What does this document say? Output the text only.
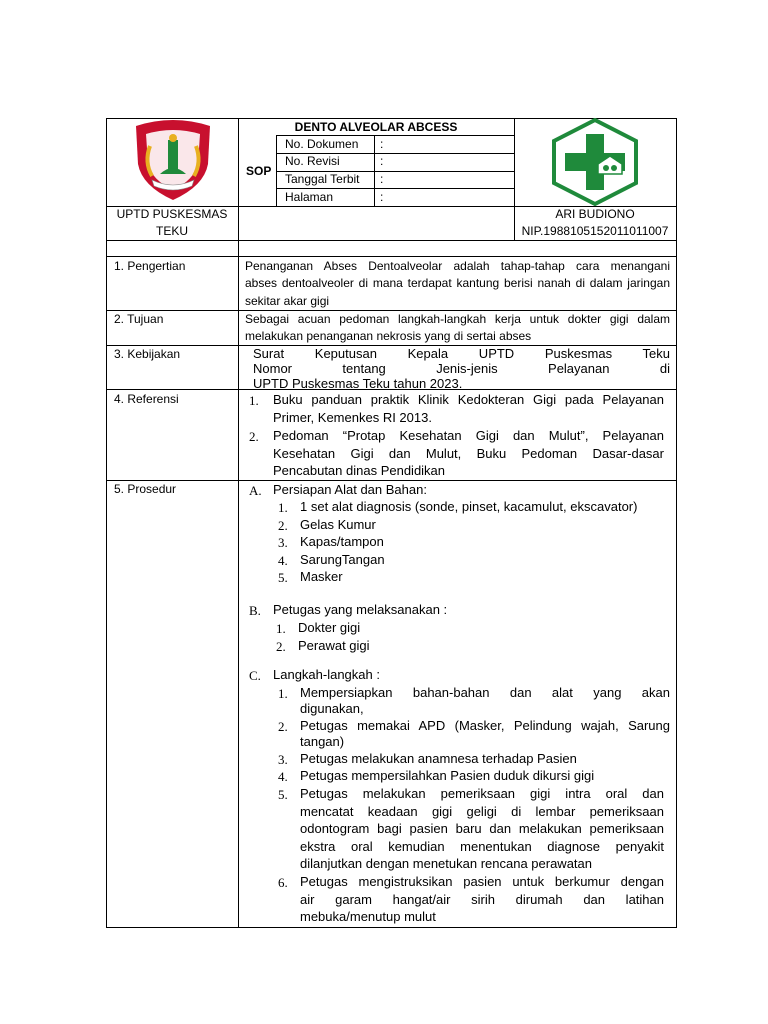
DENTO ALVEOLAR ABCESS
SOP
No. Dokumen :
No. Revisi	:
Tanggal Terbit :
Halaman	:
UPTD PUSKESMAS
TEKU
ARI BUDIONO
NIP.198810515201101100​7
1. Pengertian
2. Tujuan
3. Kebijakan
4. Referensi
5. Prosedur
Penanganan Abses Dentoalveolar adalah tahap-tahap cara menangani
abses dentoalveoler di mana terdapat kantung berisi nanah di dalam jaringan
sekitar akar gigi
Sebagai acuan pedoman langkah-langkah kerja untuk dokter gigi dalam
melakukan penanganan nekrosis yang di sertai abses
Surat Keputusan Kepala UPTD Puskesmas Teku
Nomor tentang Jenis-jenis Pelayanan di
UPTD Puskesmas Teku tahun 2023.
1. Buku panduan praktik Klinik Kedokteran Gigi pada Pelayanan
Primer, Kemenkes RI 2013.
2. Pedoman “Protap Kesehatan Gigi dan Mulut”, Pelayanan
Kesehatan Gigi dan Mulut, Buku Pedoman Dasar-dasar
Pencabutan dinas Pendidikan
A. Persiapan Alat dan Bahan:
1. 1 set alat diagnosis (sonde, pinset, kacamulut, ekscavator)
2. Gelas Kumur
3. Kapas/tampon
4. SarungTangan
5. Masker
B. Petugas yang melaksanakan :
1. Dokter gigi
2. Perawat gigi
C. Langkah-langkah :
1. Mempersiapkan bahan-bahan dan alat yang akan
digunakan,
2. Petugas memakai APD (Masker, Pelindung wajah, Sarung
tangan)
3. Petugas melakukan anamnesa terhadap Pasien
4. Petugas mempersilahkan Pasien duduk dikursi gigi
5. Petugas melakukan pemeriksaan gigi intra oral dan
mencatat keadaan gigi geligi di lembar pemeriksaan
odontogram bagi pasien baru dan melakukan pemeriksaan
ekstra oral kemudian menentukan diagnose penyakit
dilanjutkan dengan menetukan rencana perawatan
6. Petugas mengistruksikan pasien untuk berkumur dengan
air garam hangat/air sirih dirumah dan latihan
mebuka/menutup mulut
